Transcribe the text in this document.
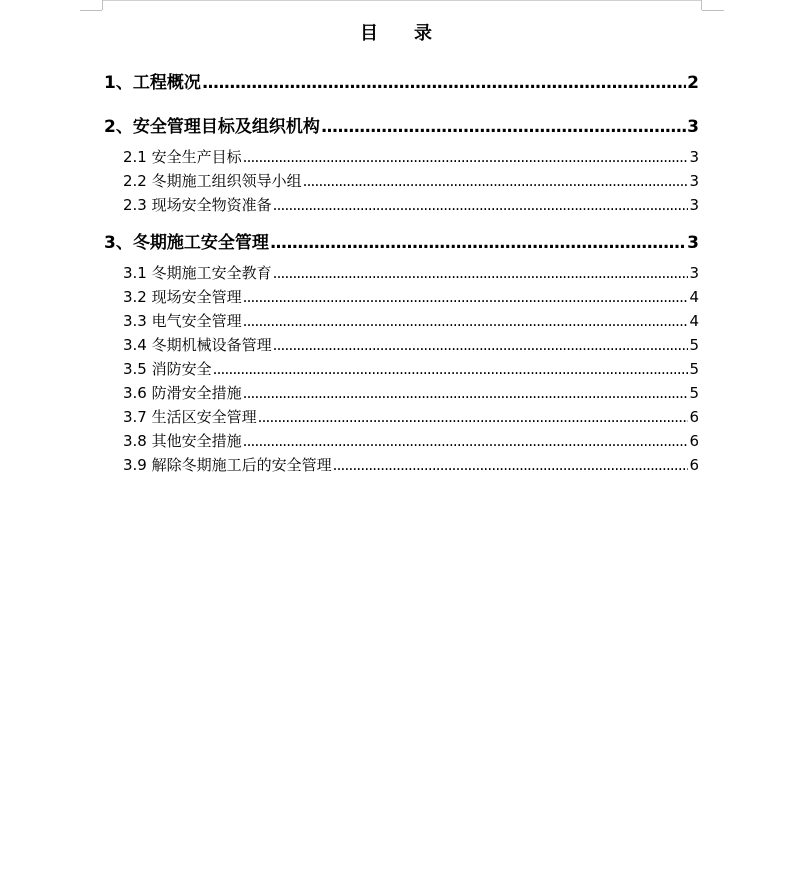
目 录
1、工程概况 .....	2
2、安全管理目标及组织机构 .....	3
2.1 安全生产目标 .....	3
2.2 冬期施工组织领导小组 .....	3
2.3 现场安全物资准备 .....	3
3、冬期施工安全管理 .....	3
3.1 冬期施工安全教育 .....	3
3.2 现场安全管理 .....	4
3.3 电气安全管理 .....	4
3.4 冬期机械设备管理 .....	5
3.5 消防安全 .....	5
3.6 防滑安全措施 .....	5
3.7 生活区安全管理 .....	6
3.8 其他安全措施 .....	6
3.9 解除冬期施工后的安全管理 .....	6
